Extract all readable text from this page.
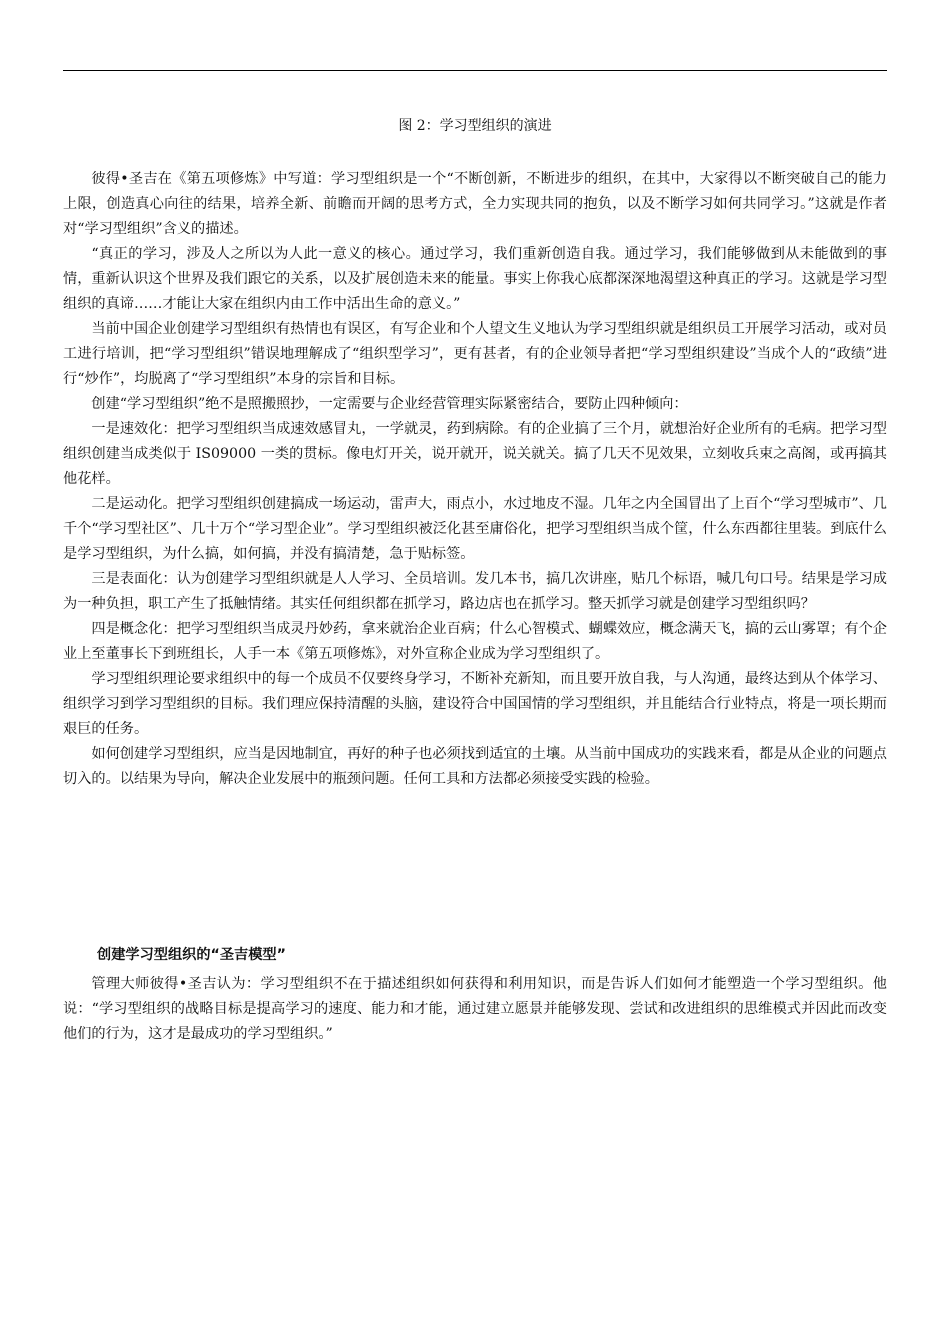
图 2：学习型组织的演进

彼得•圣吉在《第五项修炼》中写道：学习型组织是一个“不断创新，不断进步的组织，在其中，大家得以不断突破自己的能力上限，创造真心向往的结果，培养全新、前瞻而开阔的思考方式，全力实现共同的抱负，以及不断学习如何共同学习。”这就是作者对“学习型组织”含义的描述。

“真正的学习，涉及人之所以为人此一意义的核心。通过学习，我们重新创造自我。通过学习，我们能够做到从未能做到的事情，重新认识这个世界及我们跟它的关系，以及扩展创造未来的能量。事实上你我心底都深深地渴望这种真正的学习。这就是学习型组织的真谛……才能让大家在组织内由工作中活出生命的意义。”

当前中国企业创建学习型组织有热情也有误区，有写企业和个人望文生义地认为学习型组织就是组织员工开展学习活动，或对员工进行培训，把“学习型组织”错误地理解成了“组织型学习”，更有甚者，有的企业领导者把“学习型组织建设”当成个人的“政绩”进行“炒作”，均脱离了“学习型组织”本身的宗旨和目标。

创建“学习型组织”绝不是照搬照抄，一定需要与企业经营管理实际紧密结合，要防止四种倾向：

一是速效化：把学习型组织当成速效感冒丸，一学就灵，药到病除。有的企业搞了三个月，就想治好企业所有的毛病。把学习型组织创建当成类似于 IS09000 一类的贯标。像电灯开关，说开就开，说关就关。搞了几天不见效果，立刻收兵束之高阁，或再搞其他花样。

二是运动化。把学习型组织创建搞成一场运动，雷声大，雨点小，水过地皮不湿。几年之内全国冒出了上百个“学习型城市”、几千个“学习型社区”、几十万个“学习型企业”。学习型组织被泛化甚至庸俗化，把学习型组织当成个筐，什么东西都往里装。到底什么是学习型组织，为什么搞，如何搞，并没有搞清楚，急于贴标签。

三是表面化：认为创建学习型组织就是人人学习、全员培训。发几本书，搞几次讲座，贴几个标语，喊几句口号。结果是学习成为一种负担，职工产生了抵触情绪。其实任何组织都在抓学习，路边店也在抓学习。整天抓学习就是创建学习型组织吗？

四是概念化：把学习型组织当成灵丹妙药，拿来就治企业百病；什么心智模式、蝴蝶效应，概念满天飞，搞的云山雾罩；有个企业上至董事长下到班组长，人手一本《第五项修炼》，对外宣称企业成为学习型组织了。

学习型组织理论要求组织中的每一个成员不仅要终身学习，不断补充新知，而且要开放自我，与人沟通，最终达到从个体学习、组织学习到学习型组织的目标。我们理应保持清醒的头脑，建设符合中国国情的学习型组织，并且能结合行业特点，将是一项长期而艰巨的任务。

如何创建学习型组织，应当是因地制宜，再好的种子也必须找到适宜的土壤。从当前中国成功的实践来看，都是从企业的问题点切入的。以结果为导向，解决企业发展中的瓶颈问题。任何工具和方法都必须接受实践的检验。

创建学习型组织的“圣吉模型”

管理大师彼得•圣吉认为：学习型组织不在于描述组织如何获得和利用知识，而是告诉人们如何才能塑造一个学习型组织。他说：“学习型组织的战略目标是提高学习的速度、能力和才能，通过建立愿景并能够发现、尝试和改进组织的思维模式并因此而改变他们的行为，这才是最成功的学习型组织。”
